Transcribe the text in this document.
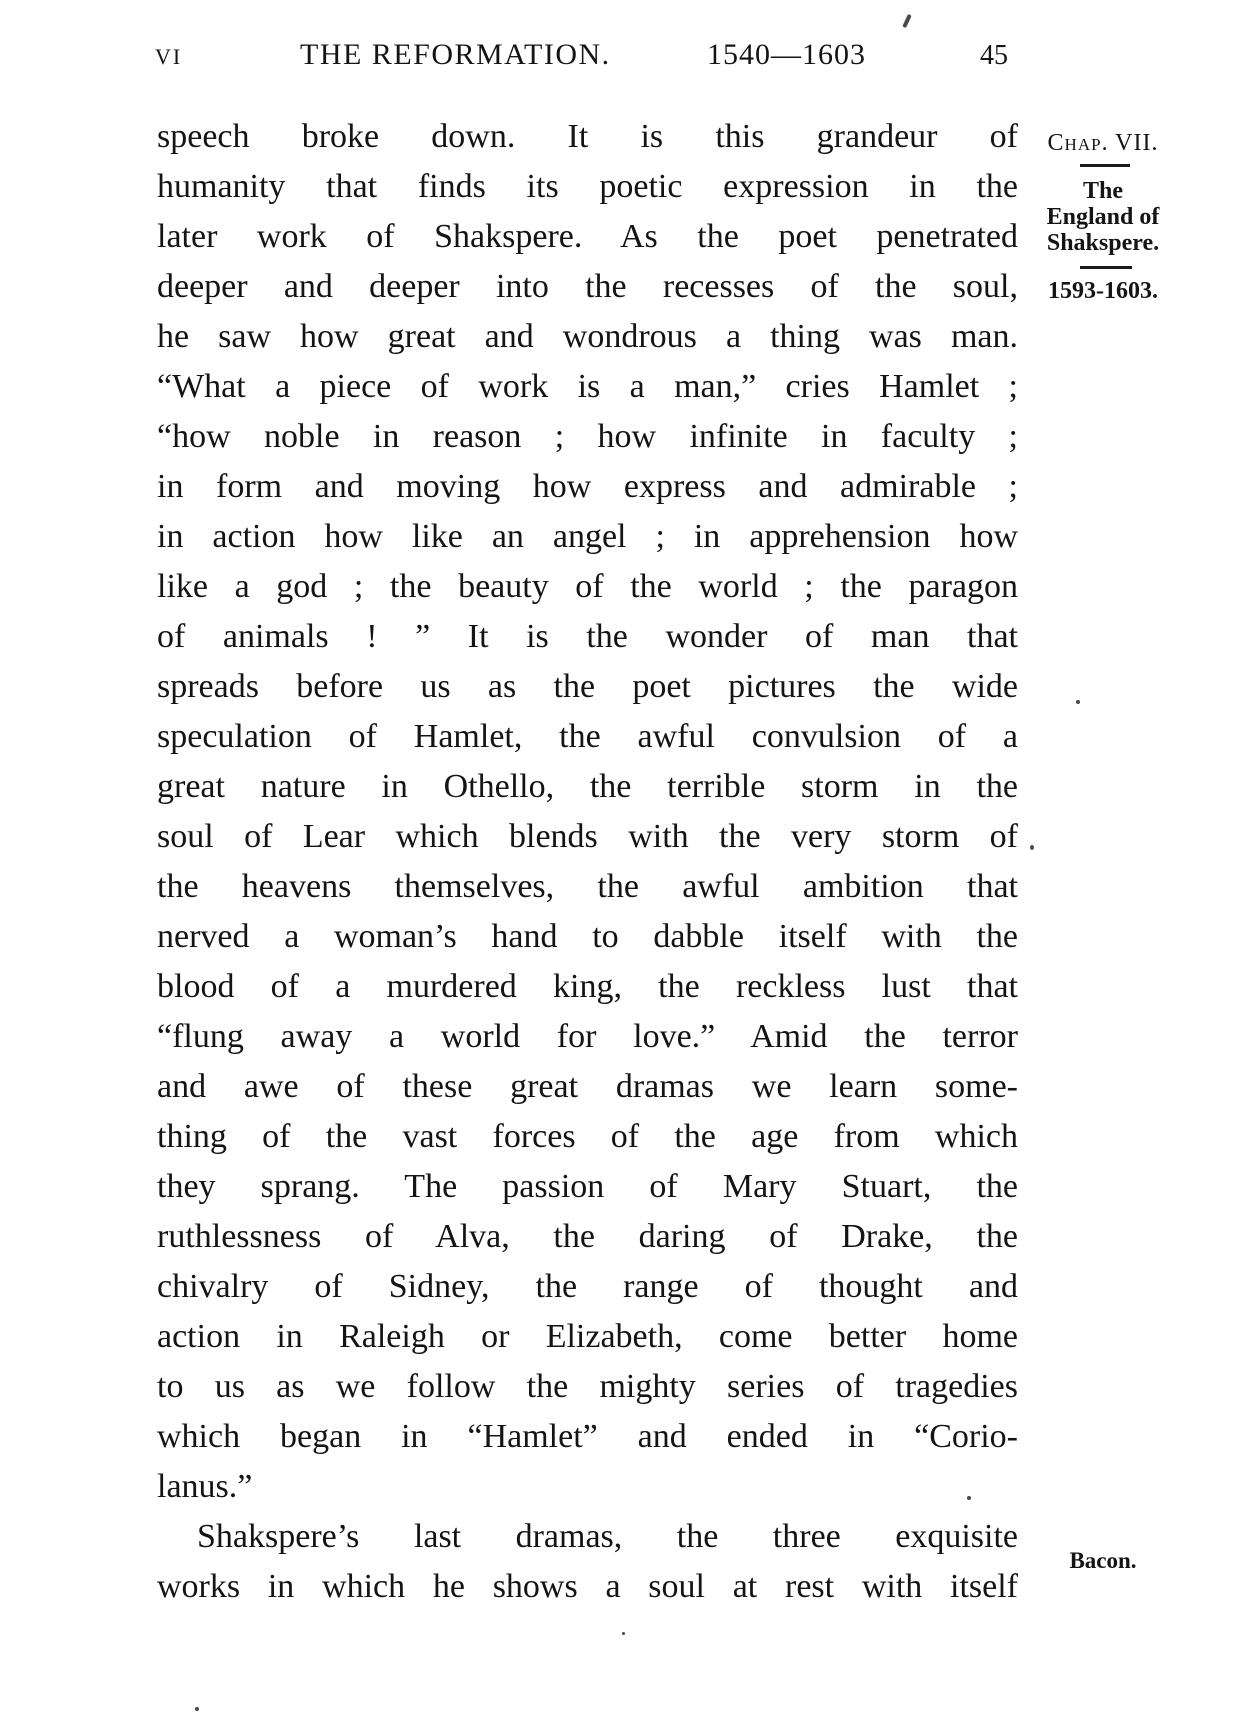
VI	THE REFORMATION.	1540—1603	45
speech broke down. It is this grandeur of
humanity that finds its poetic expression in the
later work of Shakspere. As the poet penetrated
deeper and deeper into the recesses of the soul,
he saw how great and wondrous a thing was man.
“What a piece of work is a man,” cries Hamlet ;
“how noble in reason ; how infinite in faculty ;
in form and moving how express and admirable ;
in action how like an angel ; in apprehension how
like a god ; the beauty of the world ; the paragon
of animals ! ” It is the wonder of man that
spreads before us as the poet pictures the wide
speculation of Hamlet, the awful convulsion of a
great nature in Othello, the terrible storm in the
soul of Lear which blends with the very storm of
the heavens themselves, the awful ambition that
nerved a woman’s hand to dabble itself with the
blood of a murdered king, the reckless lust that
“flung away a world for love.” Amid the terror
and awe of these great dramas we learn some-
thing of the vast forces of the age from which
they sprang. The passion of Mary Stuart, the
ruthlessness of Alva, the daring of Drake, the
chivalry of Sidney, the range of thought and
action in Raleigh or Elizabeth, come better home
to us as we follow the mighty series of tragedies
which began in “Hamlet” and ended in “Corio-
lanus.”
Shakspere’s last dramas, the three exquisite
works in which he shows a soul at rest with itself
Chap. VII.
The
England of
Shakspere.
1593-1603.
Bacon.
